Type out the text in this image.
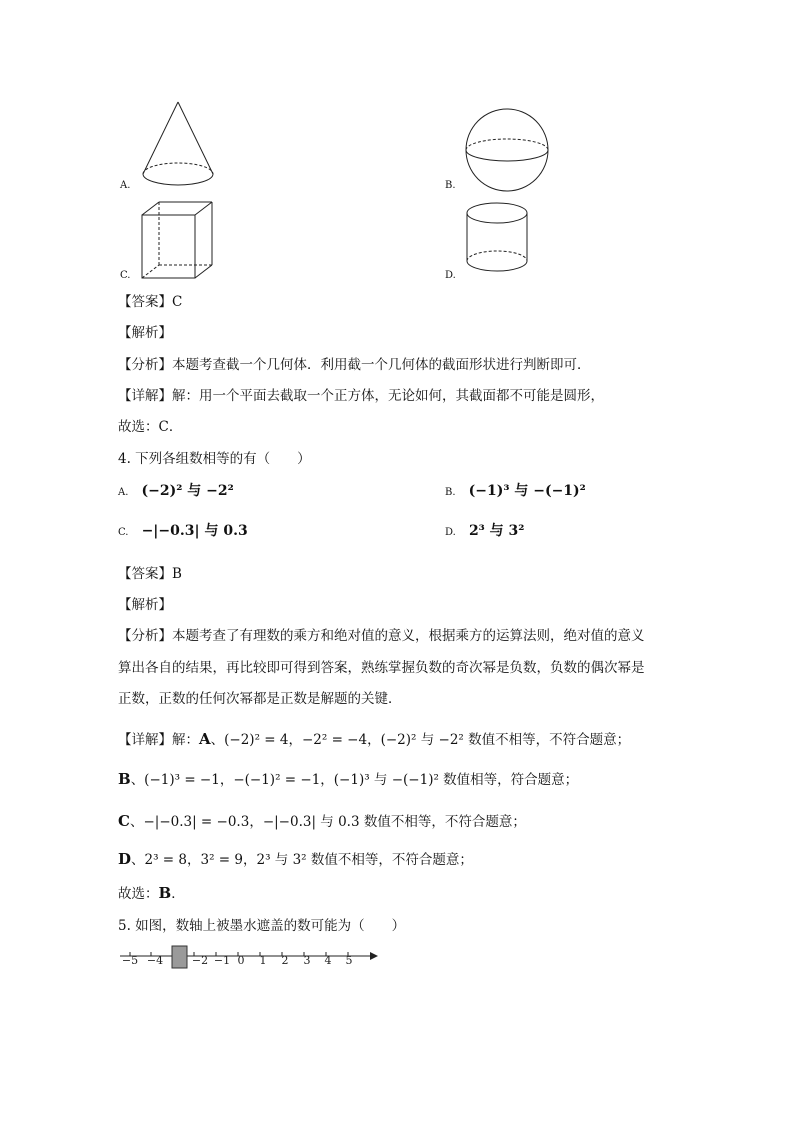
A.	B.
C.	D.
【答案】C
【解析】
【分析】本题考查截一个几何体．利用截一个几何体的截面形状进行判断即可．
【详解】解：用一个平面去截取一个正方体，无论如何，其截面都不可能是圆形，
故选：C．
4. 下列各组数相等的有（　　）
A. (−2)² 与 −2²	B. (−1)³ 与 −(−1)²
C. −|−0.3| 与 0.3	D. 2³ 与 3²
【答案】B
【解析】
【分析】本题考查了有理数的乘方和绝对值的意义，根据乘方的运算法则，绝对值的意义
算出各自的结果，再比较即可得到答案，熟练掌握负数的奇次幂是负数，负数的偶次幂是
正数，正数的任何次幂都是正数是解题的关键．
【详解】解：A、(−2)² = 4，−2² = −4，(−2)² 与 −2² 数值不相等，不符合题意；
B、(−1)³ = −1，−(−1)² = −1，(−1)³ 与 −(−1)² 数值相等，符合题意；
C、−|−0.3| = −0.3，−|−0.3| 与 0.3 数值不相等，不符合题意；
D、2³ = 8，3² = 9，2³ 与 3² 数值不相等，不符合题意；
故选：B．
5. 如图，数轴上被墨水遮盖的数可能为（　　）
−5 −4	−2 −1 0 1 2 3 4 5
